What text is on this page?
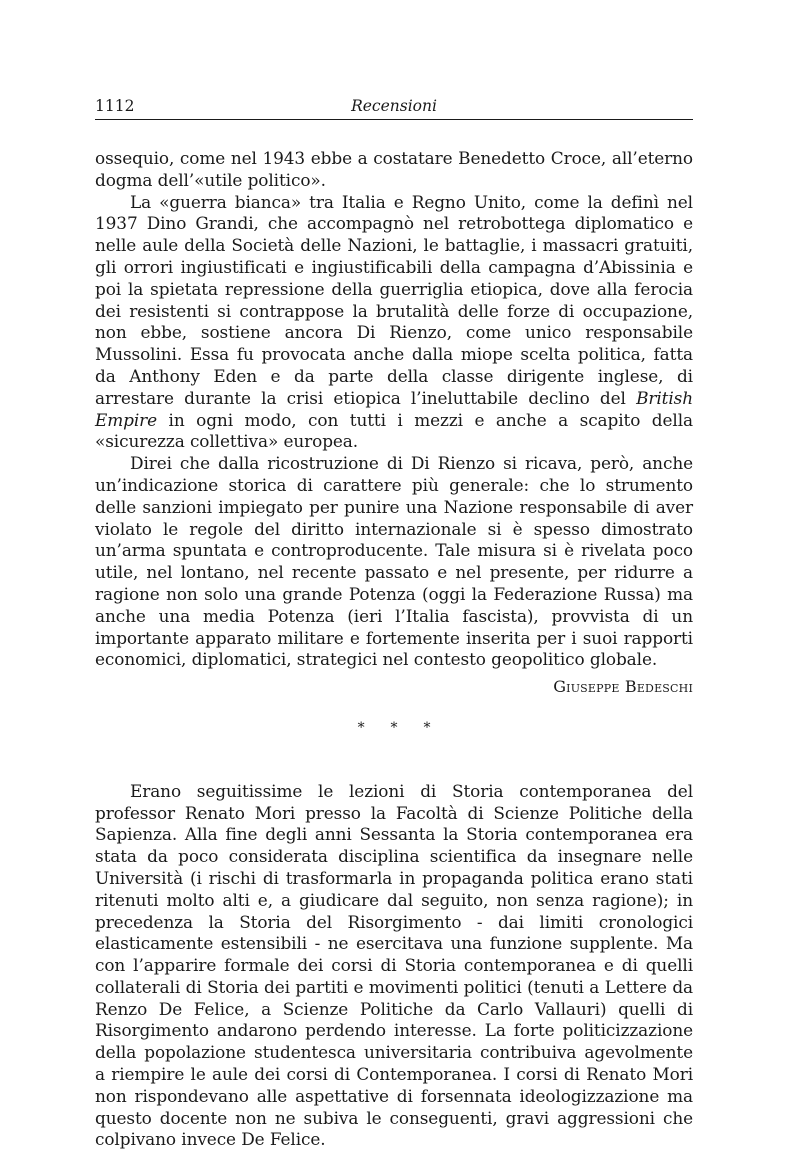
1112	Recensioni

ossequio, come nel 1943 ebbe a costatare Benedetto Croce, all’eterno dogma dell’«utile politico».

La «guerra bianca» tra Italia e Regno Unito, come la definì nel 1937 Dino Grandi, che accompagnò nel retrobottega diplomatico e nelle aule della Società delle Nazioni, le battaglie, i massacri gratuiti, gli orrori ingiustificati e ingiustificabili della campagna d’Abissinia e poi la spietata repressione della guerriglia etiopica, dove alla ferocia dei resistenti si contrappose la brutalità delle forze di occupazione, non ebbe, sostiene ancora Di Rienzo, come unico responsabile Mussolini. Essa fu provocata anche dalla miope scelta politica, fatta da Anthony Eden e da parte della classe dirigente inglese, di arrestare durante la crisi etiopica l’ineluttabile declino del British Empire in ogni modo, con tutti i mezzi e anche a scapito della «sicurezza collettiva» europea.

Direi che dalla ricostruzione di Di Rienzo si ricava, però, anche un’indicazione storica di carattere più generale: che lo strumento delle sanzioni impiegato per punire una Nazione responsabile di aver violato le regole del diritto internazionale si è spesso dimostrato un’arma spuntata e controproducente. Tale misura si è rivelata poco utile, nel lontano, nel recente passato e nel presente, per ridurre a ragione non solo una grande Potenza (oggi la Federazione Russa) ma anche una media Potenza (ieri l’Italia fascista), provvista di un importante apparato militare e fortemente inserita per i suoi rapporti economici, diplomatici, strategici nel contesto geopolitico globale.

Giuseppe Bedeschi

* * *

Erano seguitissime le lezioni di Storia contemporanea del professor Renato Mori presso la Facoltà di Scienze Politiche della Sapienza. Alla fine degli anni Sessanta la Storia contemporanea era stata da poco considerata disciplina scientifica da insegnare nelle Università (i rischi di trasformarla in propaganda politica erano stati ritenuti molto alti e, a giudicare dal seguito, non senza ragione); in precedenza la Storia del Risorgimento - dai limiti cronologici elasticamente estensibili - ne esercitava una funzione supplente. Ma con l’apparire formale dei corsi di Storia contemporanea e di quelli collaterali di Storia dei partiti e movimenti politici (tenuti a Lettere da Renzo De Felice, a Scienze Politiche da Carlo Vallauri) quelli di Risorgimento andarono perdendo interesse. La forte politicizzazione della popolazione studentesca universitaria contribuiva agevolmente a riempire le aule dei corsi di Contemporanea. I corsi di Renato Mori non rispondevano alle aspettative di forsennata ideologizzazione ma questo docente non ne subiva le conseguenti, gravi aggressioni che colpivano invece De Felice.
